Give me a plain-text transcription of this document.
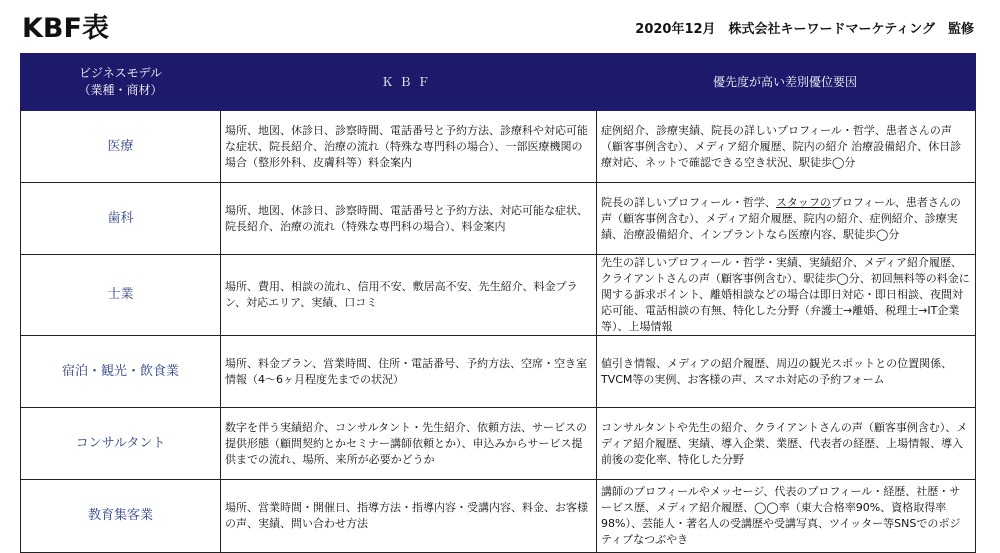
KBF表	2020年12月　株式会社キーワードマーケティング　監修
ビジネスモデル
（業種・商材）	ＫＢＦ	優先度が高い差別優位要因
医療	場所、地図、休診日、診察時間、電話番号と予約方法、診療科や対応可能な症状、院長紹介、治療の流れ（特殊な専門科の場合）、一部医療機関の場合（整形外科、皮膚科等）料金案内	症例紹介、診療実績、院長の詳しいプロフィール・哲学、患者さんの声（顧客事例含む）、メディア紹介履歴、院内の紹介 治療設備紹介、休日診療対応、ネットで確認できる空き状況、駅徒歩◯分
歯科	場所、地図、休診日、診察時間、電話番号と予約方法、対応可能な症状、院長紹介、治療の流れ（特殊な専門科の場合）、料金案内	院長の詳しいプロフィール・哲学、スタッフのプロフィール、患者さんの声（顧客事例含む）、メディア紹介履歴、院内の紹介、症例紹介、診療実績、治療設備紹介、インプラントなら医療内容、駅徒歩◯分
士業	場所、費用、相談の流れ、信用不安、敷居高不安、先生紹介、料金プラン、対応エリア、実績、口コミ	先生の詳しいプロフィール・哲学・実績、実績紹介、メディア紹介履歴、クライアントさんの声（顧客事例含む）、駅徒歩◯分、初回無料等の料金に関する訴求ポイント、離婚相談などの場合は即日対応・即日相談、夜間対応可能、電話相談の有無、特化した分野（弁護士→離婚、税理士→IT企業 等）、上場情報
宿泊・観光・飲食業	場所、料金プラン、営業時間、住所・電話番号、予約方法、空席・空き室情報（4〜6ヶ月程度先までの状況）	値引き情報、メディアの紹介履歴、周辺の観光スポットとの位置関係、TVCM等の実例、お客様の声、スマホ対応の予約フォーム
コンサルタント	数字を伴う実績紹介、コンサルタント・先生紹介、依頼方法、サービスの提供形態（顧問契約とかセミナー講師依頼とか）、申込みからサービス提供までの流れ、場所、来所が必要かどうか	コンサルタントや先生の紹介、クライアントさんの声（顧客事例含む）、メディア紹介履歴、実績、導入企業、業歴、代表者の経歴、上場情報、導入前後の変化率、特化した分野
教育集客業	場所、営業時間・開催日、指導方法・指導内容・受講内容、料金、お客様の声、実績、問い合わせ方法	講師のプロフィールやメッセージ、代表のプロフィール・経歴、社歴・サービス歴、メディア紹介履歴、◯◯率（東大合格率90%、資格取得率98%）、芸能人・著名人の受講歴や受講写真、ツイッター等SNSでのポジティブなつぶやき
